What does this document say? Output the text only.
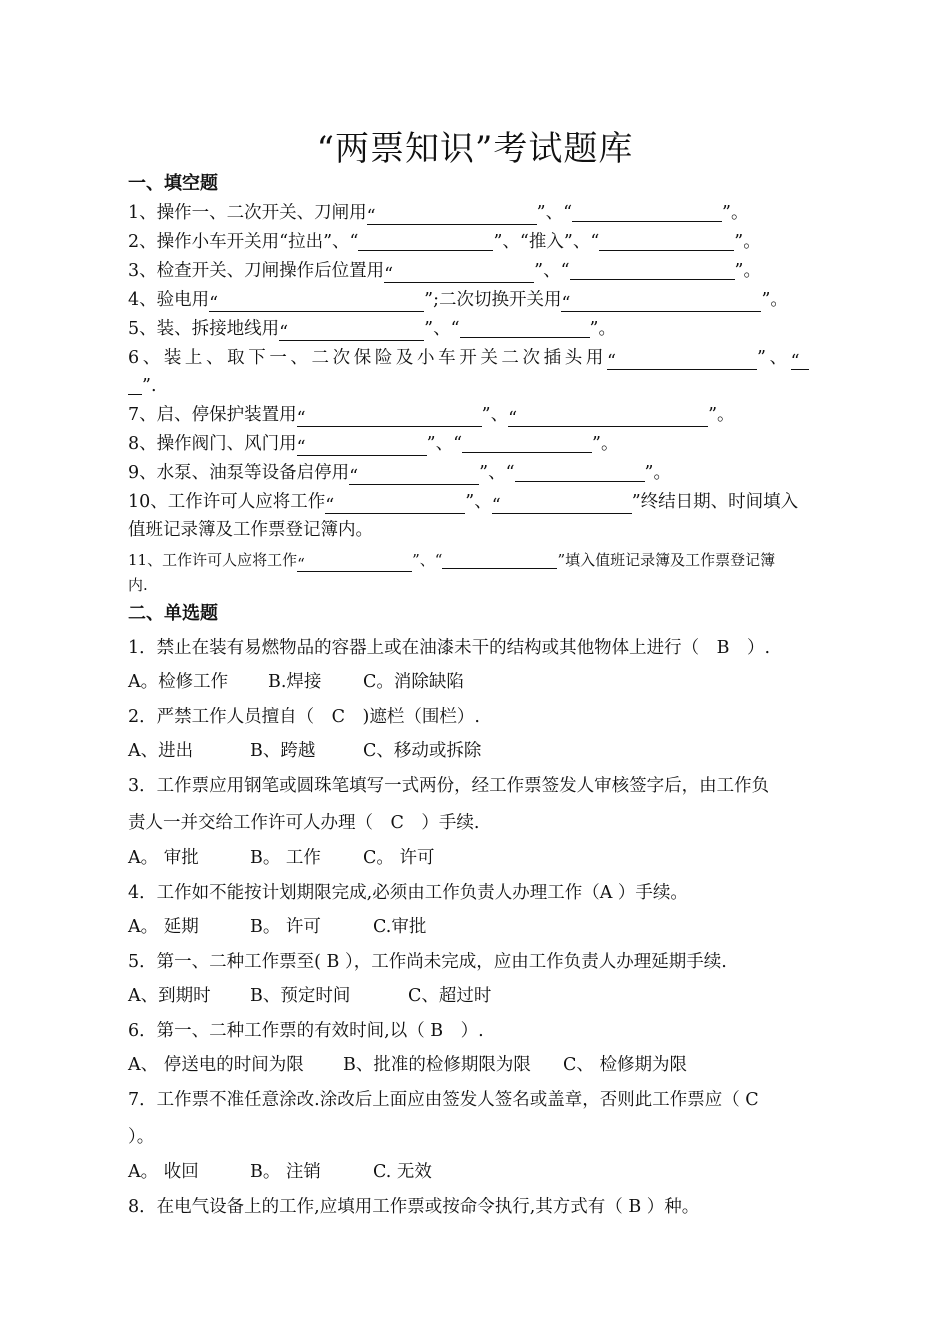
“两票知识”考试题库
一、填空题
1、操作一、二次开关、刀闸用“	”、“	”。
2、操作小车开关用“拉出”、“	”、“推入”、“	”。
3、检查开关、刀闸操作后位置用“	”、“	”。
4、验电用“	”;二次切换开关用“	”。
5、装、拆接地线用“	”、“	”。
6、装上、取下一、二次保险及小车开关二次插头用“	”、“
”.
7、启、停保护装置用“	”、“	”。
8、操作阀门、风门用“	”、“	”。
9、水泵、油泵等设备启停用“	”、“	”。
10、工作许可人应将工作“	”、“	”终结日期、时间填入
值班记录簿及工作票登记簿内。
11、工作许可人应将工作“	”、“	”填入值班记录簿及工作票登记簿
内.
二、单选题
1．禁止在装有易燃物品的容器上或在油漆未干的结构或其他物体上进行（　B　）.
A。检修工作 B.焊接 C。消除缺陷
2．严禁工作人员擅自（　C　)遮栏（围栏）.
A、进出	B、跨越	C、移动或拆除
3．工作票应用钢笔或圆珠笔填写一式两份，经工作票签发人审核签字后，由工作负
责人一并交给工作许可人办理（　C　）手续.
A。 审批	B。 工作 C。 许可
4．工作如不能按计划期限完成,必须由工作负责人办理工作（A ）手续。
A。 延期	B。 许可	C.审批
5．第一、二种工作票至( B ），工作尚未完成，应由工作负责人办理延期手续.
A、到期时 B、预定时间	C、超过时
6．第一、二种工作票的有效时间,以（ B　）.
A、 停送电的时间为限 B、批准的检修期限为限 C、 检修期为限
7．工作票不准任意涂改.涂改后上面应由签发人签名或盖章，否则此工作票应（ C
）。
A。 收回	B。 注销	C. 无效
8．在电气设备上的工作,应填用工作票或按命令执行,其方式有（ B ）种。
